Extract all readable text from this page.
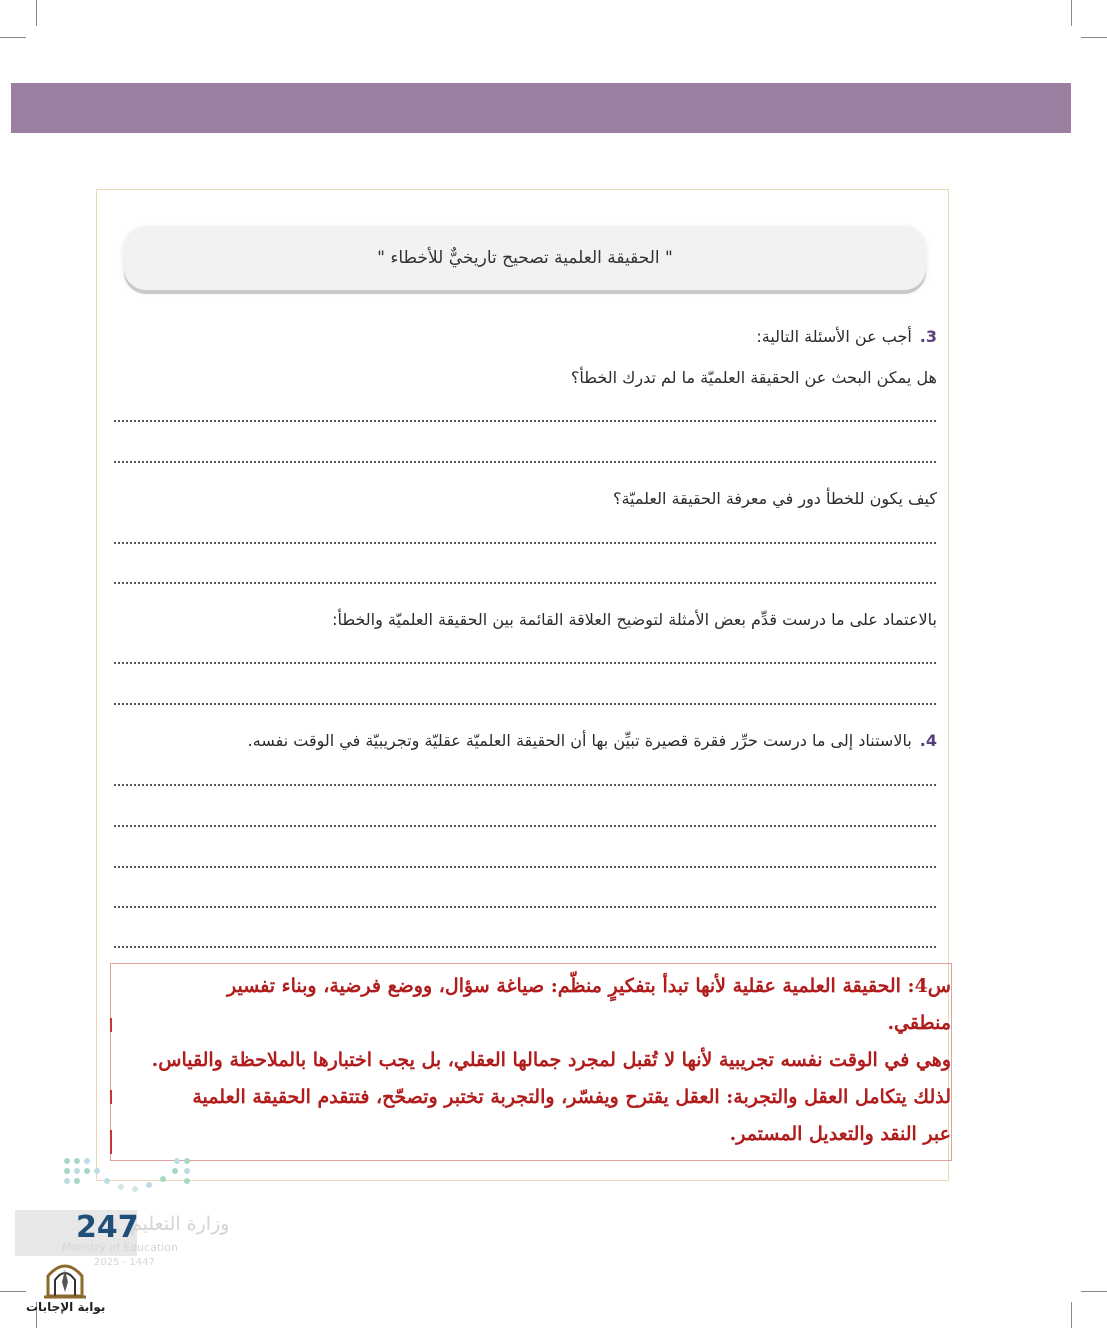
" الحقيقة العلمية تصحيح تاريخيٌّ للأخطاء "
3.أجب عن الأسئلة التالية:
هل يمكن البحث عن الحقيقة العلميّة ما لم تدرك الخطأ؟
كيف يكون للخطأ دور في معرفة الحقيقة العلميّة؟
بالاعتماد على ما درست قدِّم بعض الأمثلة لتوضيح العلاقة القائمة بين الحقيقة العلميّة والخطأ:
4.بالاستناد إلى ما درست حرِّر فقرة قصيرة تبيِّن بها أن الحقيقة العلميّة عقليّة وتجريبيّة في الوقت نفسه.
س4: الحقيقة العلمية عقلية لأنها تبدأ بتفكيرٍ منظّم: صياغة سؤال، ووضع فرضية، وبناء تفسير
منطقي.
وهي في الوقت نفسه تجريبية لأنها لا تُقبل لمجرد جمالها العقلي، بل يجب اختبارها بالملاحظة والقياس.
لذلك يتكامل العقل والتجربة: العقل يقترح ويفسّر، والتجربة تختبر وتصحّح، فتتقدم الحقيقة العلمية
عبر النقد والتعديل المستمر.
وزارة التعليم
247
Ministry of Education
2025 - 1447
بوابة الإجابات
